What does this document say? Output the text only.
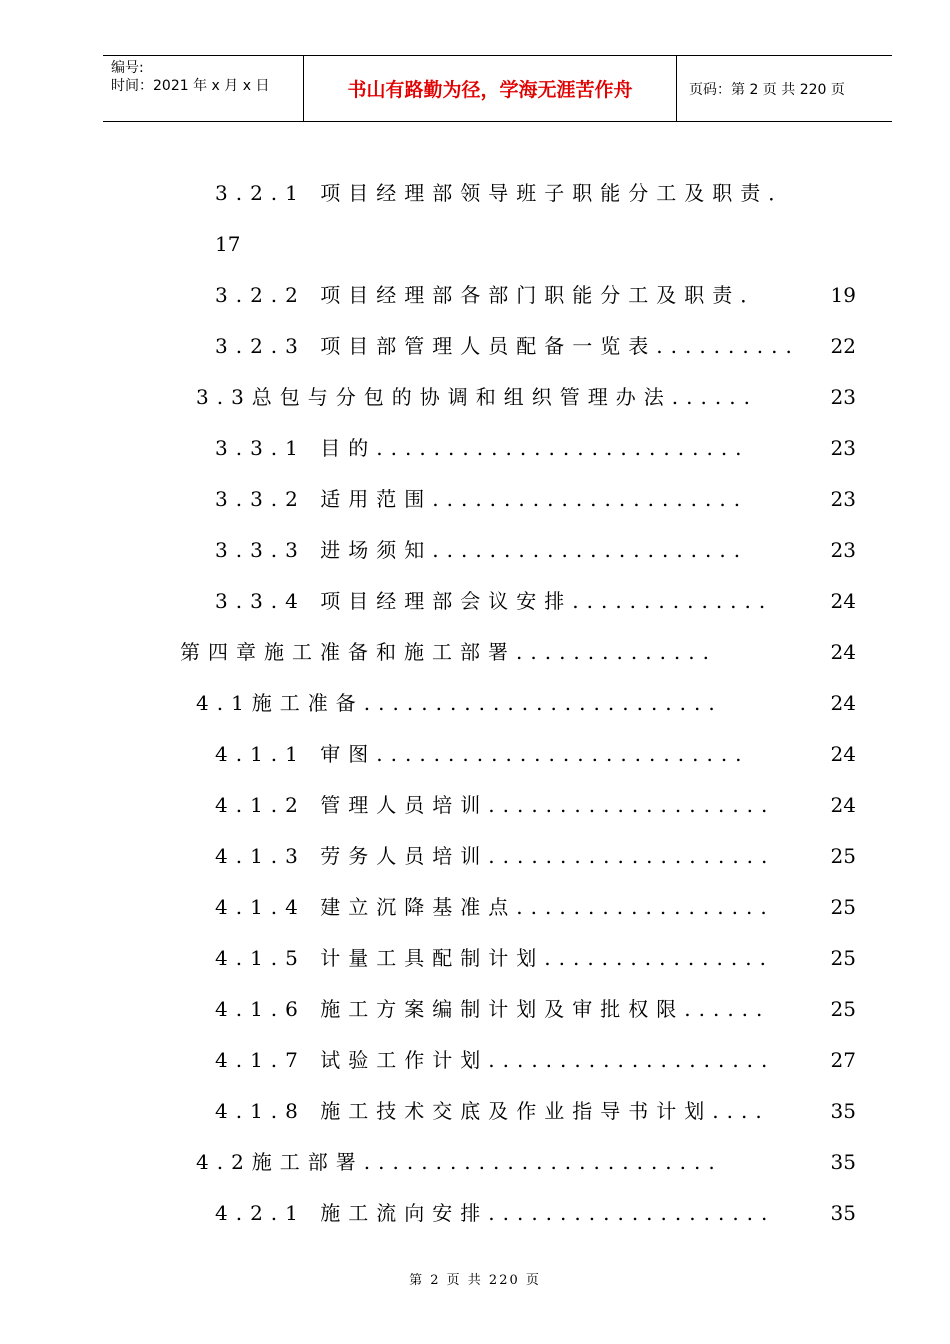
编号:
时间：2021 年 x 月 x 日	书山有路勤为径，学海无涯苦作舟	页码：第 2 页 共 220 页
3.2.1 项目经理部领导班子职能分工及职责．
17
3.2.2 项目经理部各部门职能分工及职责．	19
3.2.3 项目部管理人员配备一览表.......... 22
3.3总包与分包的协调和组织管理办法......	23
3.3.1 目的..........................	23
3.3.2 适用范围......................	23
3.3.3 进场须知......................	23
3.3.4 项目经理部会议安排..............	24
第四章施工准备和施工部署..............	24
4.1施工准备.........................	24
4.1.1 审图..........................	24
4.1.2 管理人员培训....................	24
4.1.3 劳务人员培训....................	25
4.1.4 建立沉降基准点..................	25
4.1.5 计量工具配制计划................	25
4.1.6 施工方案编制计划及审批权限......	25
4.1.7 试验工作计划....................	27
4.1.8 施工技术交底及作业指导书计划....	35
4.2施工部署.........................	35
4.2.1 施工流向安排....................	35
第 2 页 共 220 页
